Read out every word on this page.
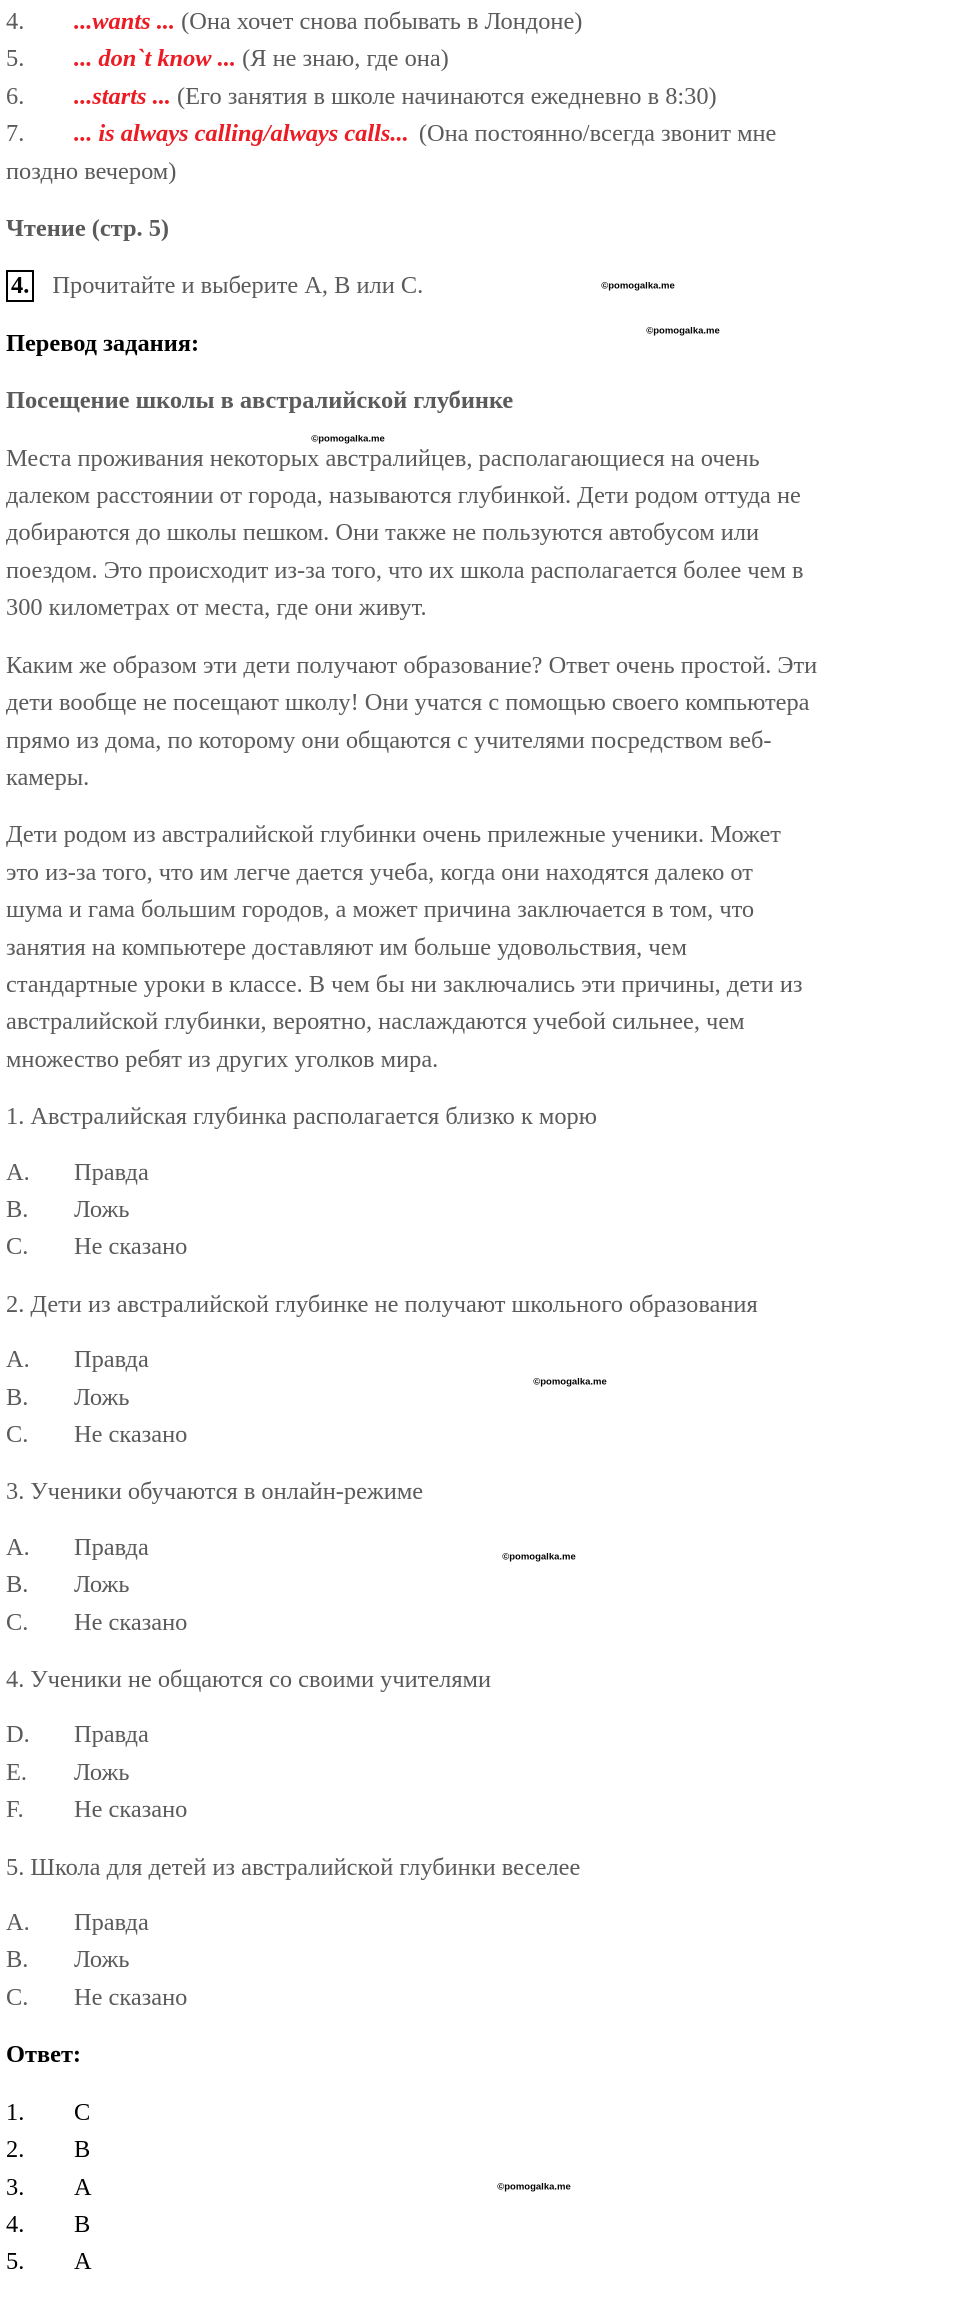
4. ...wants ... (Она хочет снова побывать в Лондоне)
5. ... don`t know ... (Я не знаю, где она)
6. ...starts ... (Его занятия в школе начинаются ежедневно в 8:30)
7. ... is always calling/always calls... (Она постоянно/всегда звонит мне
поздно вечером)
Чтение (стр. 5)
4. Прочитайте и выберите А, В или С.
Перевод задания:
Посещение школы в австралийской глубинке
Места проживания некоторых австралийцев, располагающиеся на очень
далеком расстоянии от города, называются глубинкой. Дети родом оттуда не
добираются до школы пешком. Они также не пользуются автобусом или
поездом. Это происходит из-за того, что их школа располагается более чем в
300 километрах от места, где они живут.
Каким же образом эти дети получают образование? Ответ очень простой. Эти
дети вообще не посещают школу! Они учатся с помощью своего компьютера
прямо из дома, по которому они общаются с учителями посредством веб-
камеры.
Дети родом из австралийской глубинки очень прилежные ученики. Может
это из-за того, что им легче дается учеба, когда они находятся далеко от
шума и гама большим городов, а может причина заключается в том, что
занятия на компьютере доставляют им больше удовольствия, чем
стандартные уроки в классе. В чем бы ни заключались эти причины, дети из
австралийской глубинки, вероятно, наслаждаются учебой сильнее, чем
множество ребят из других уголков мира.
1. Австралийская глубинка располагается близко к морю
A. Правда
B. Ложь
C. Не сказано
2. Дети из австралийской глубинке не получают школьного образования
A. Правда
B. Ложь
C. Не сказано
3. Ученики обучаются в онлайн-режиме
A. Правда
B. Ложь
C. Не сказано
4. Ученики не общаются со своими учителями
D. Правда
E. Ложь
F. Не сказано
5. Школа для детей из австралийской глубинки веселее
A. Правда
B. Ложь
C. Не сказано
Ответ:
1. C
2. B
3. A
4. B
5. A
©pomogalka.me
©pomogalka.me
©pomogalka.me
©pomogalka.me
©pomogalka.me
©pomogalka.me
